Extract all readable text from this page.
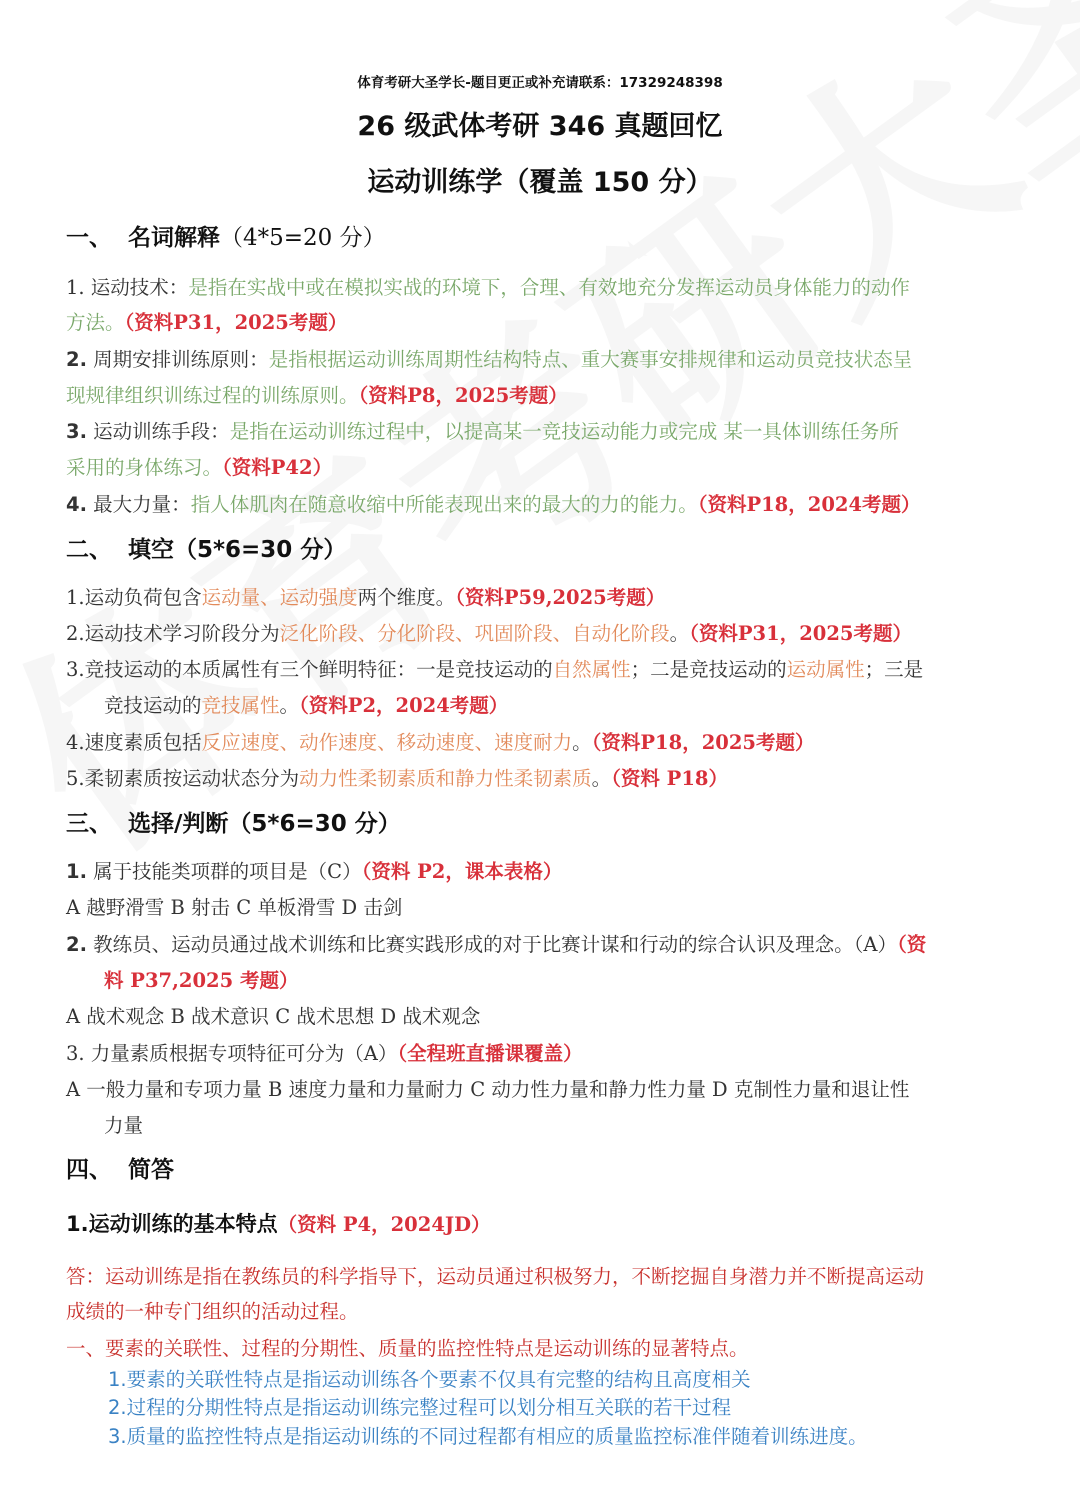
体育考研大圣学长-题目更正或补充请联系：17329248398
26 级武体考研 346 真题回忆
运动训练学（覆盖 150 分）
一、 名词解释（4*5=20 分）
1. 运动技术：是指在实战中或在模拟实战的环境下，合理、有效地充分发挥运动员身体能力的动作
方法。（资料P31，2025考题）
2. 周期安排训练原则：是指根据运动训练周期性结构特点、重大赛事安排规律和运动员竞技状态呈
现规律组织训练过程的训练原则。（资料P8，2025考题）
3. 运动训练手段：是指在运动训练过程中，以提高某一竞技运动能力或完成 某一具体训练任务所
采用的身体练习。（资料P42）
4. 最大力量：指人体肌肉在随意收缩中所能表现出来的最大的力的能力。（资料P18，2024考题）
二、 填空（5*6=30 分）
1.运动负荷包含运动量、运动强度两个维度。（资料P59,2025考题）
2.运动技术学习阶段分为泛化阶段、分化阶段、巩固阶段、自动化阶段。（资料P31，2025考题）
3.竞技运动的本质属性有三个鲜明特征：一是竞技运动的自然属性；二是竞技运动的运动属性；三是
竞技运动的竞技属性。（资料P2，2024考题）
4.速度素质包括反应速度、动作速度、移动速度、速度耐力。（资料P18，2025考题）
5.柔韧素质按运动状态分为动力性柔韧素质和静力性柔韧素质。（资料 P18）
三、 选择/判断（5*6=30 分）
1. 属于技能类项群的项目是（C）（资料 P2，课本表格）
A 越野滑雪 B 射击 C 单板滑雪 D 击剑
2. 教练员、运动员通过战术训练和比赛实践形成的对于比赛计谋和行动的综合认识及理念。（A）（资
料 P37,2025 考题）
A 战术观念 B 战术意识 C 战术思想 D 战术观念
3. 力量素质根据专项特征可分为（A）（全程班直播课覆盖）
A 一般力量和专项力量 B 速度力量和力量耐力 C 动力性力量和静力性力量 D 克制性力量和退让性
力量
四、 简答
1.运动训练的基本特点（资料 P4，2024JD）
答：运动训练是指在教练员的科学指导下，运动员通过积极努力，不断挖掘自身潜力并不断提高运动
成绩的一种专门组织的活动过程。
一、要素的关联性、过程的分期性、质量的监控性特点是运动训练的显著特点。
1.要素的关联性特点是指运动训练各个要素不仅具有完整的结构且高度相关
2.过程的分期性特点是指运动训练完整过程可以划分相互关联的若干过程
3.质量的监控性特点是指运动训练的不同过程都有相应的质量监控标准伴随着训练进度。
